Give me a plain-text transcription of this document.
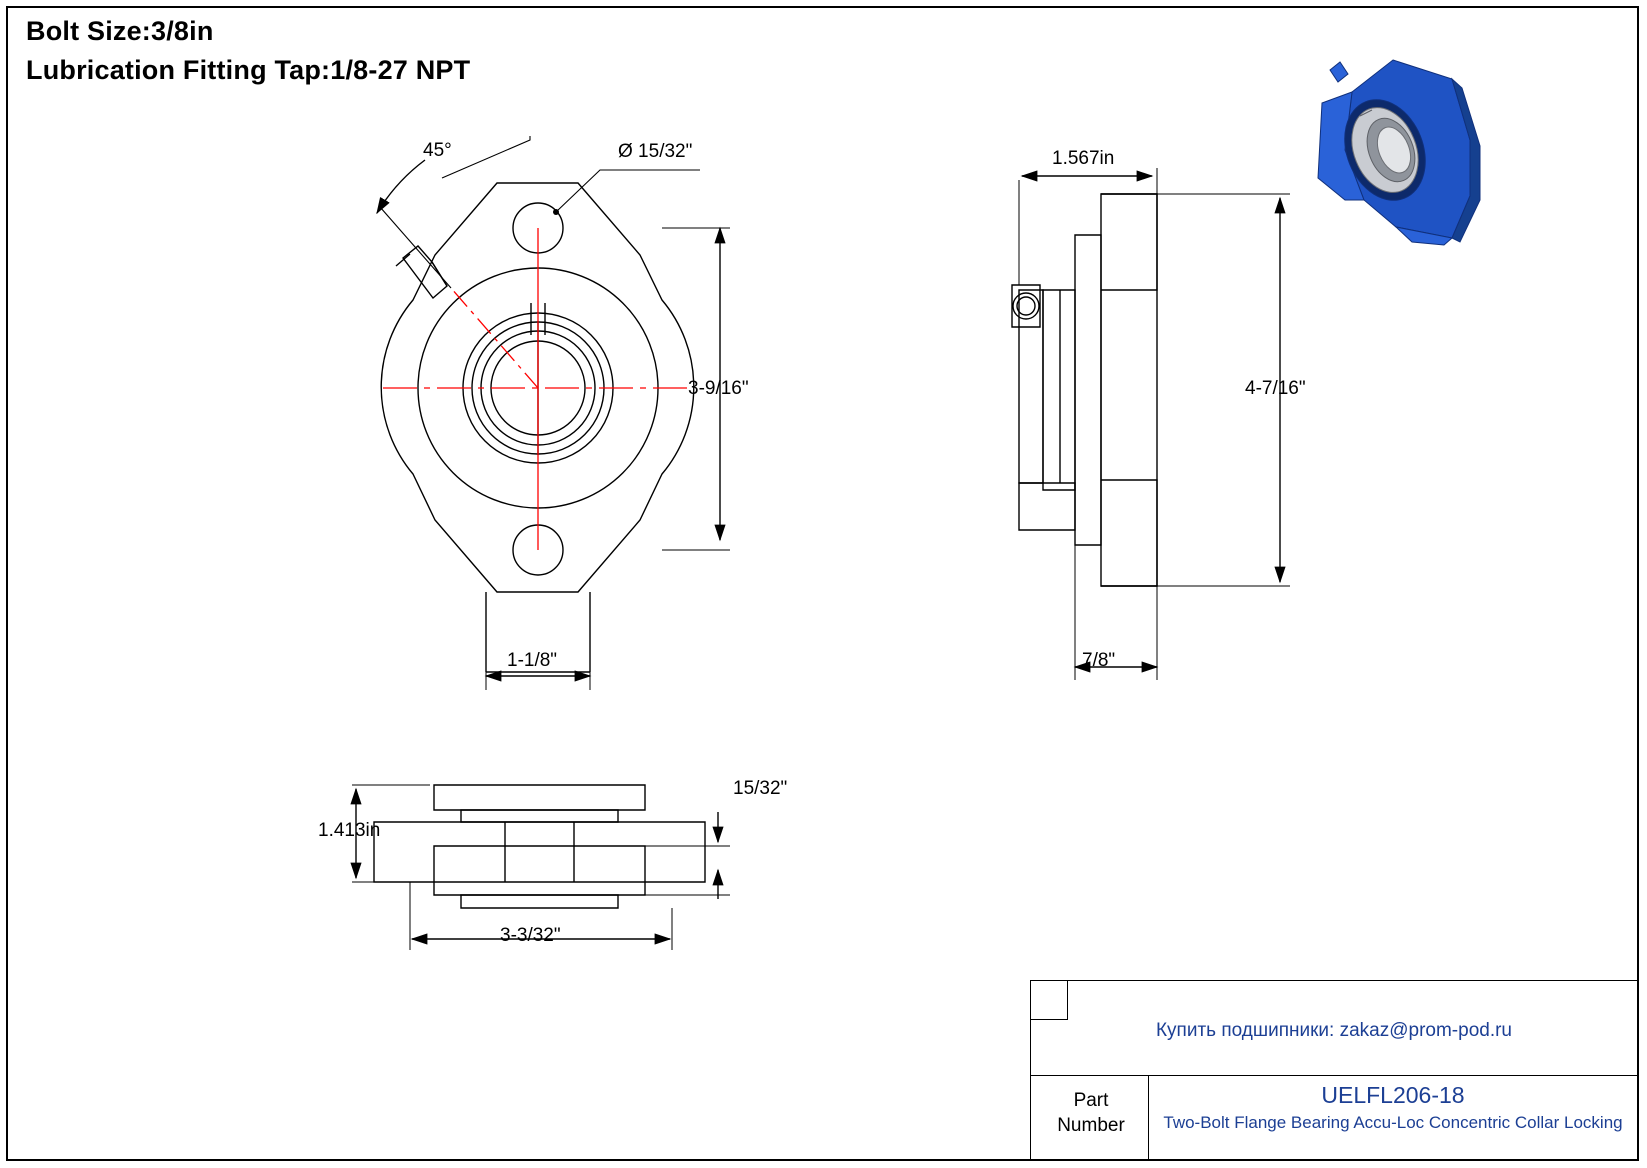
Bolt Size:3/8in
Lubrication Fitting Tap:1/8-27 NPT
45°	Ø 15/32"
3-9/16"
1-1/8"
1.567in
4-7/16"
7/8"
1.413in
15/32"
3-3/32"
Купить подшипники: zakaz@prom-pod.ru
Part
Number
UELFL206-18
Two-Bolt Flange Bearing Accu-Loc Concentric Collar Locking
